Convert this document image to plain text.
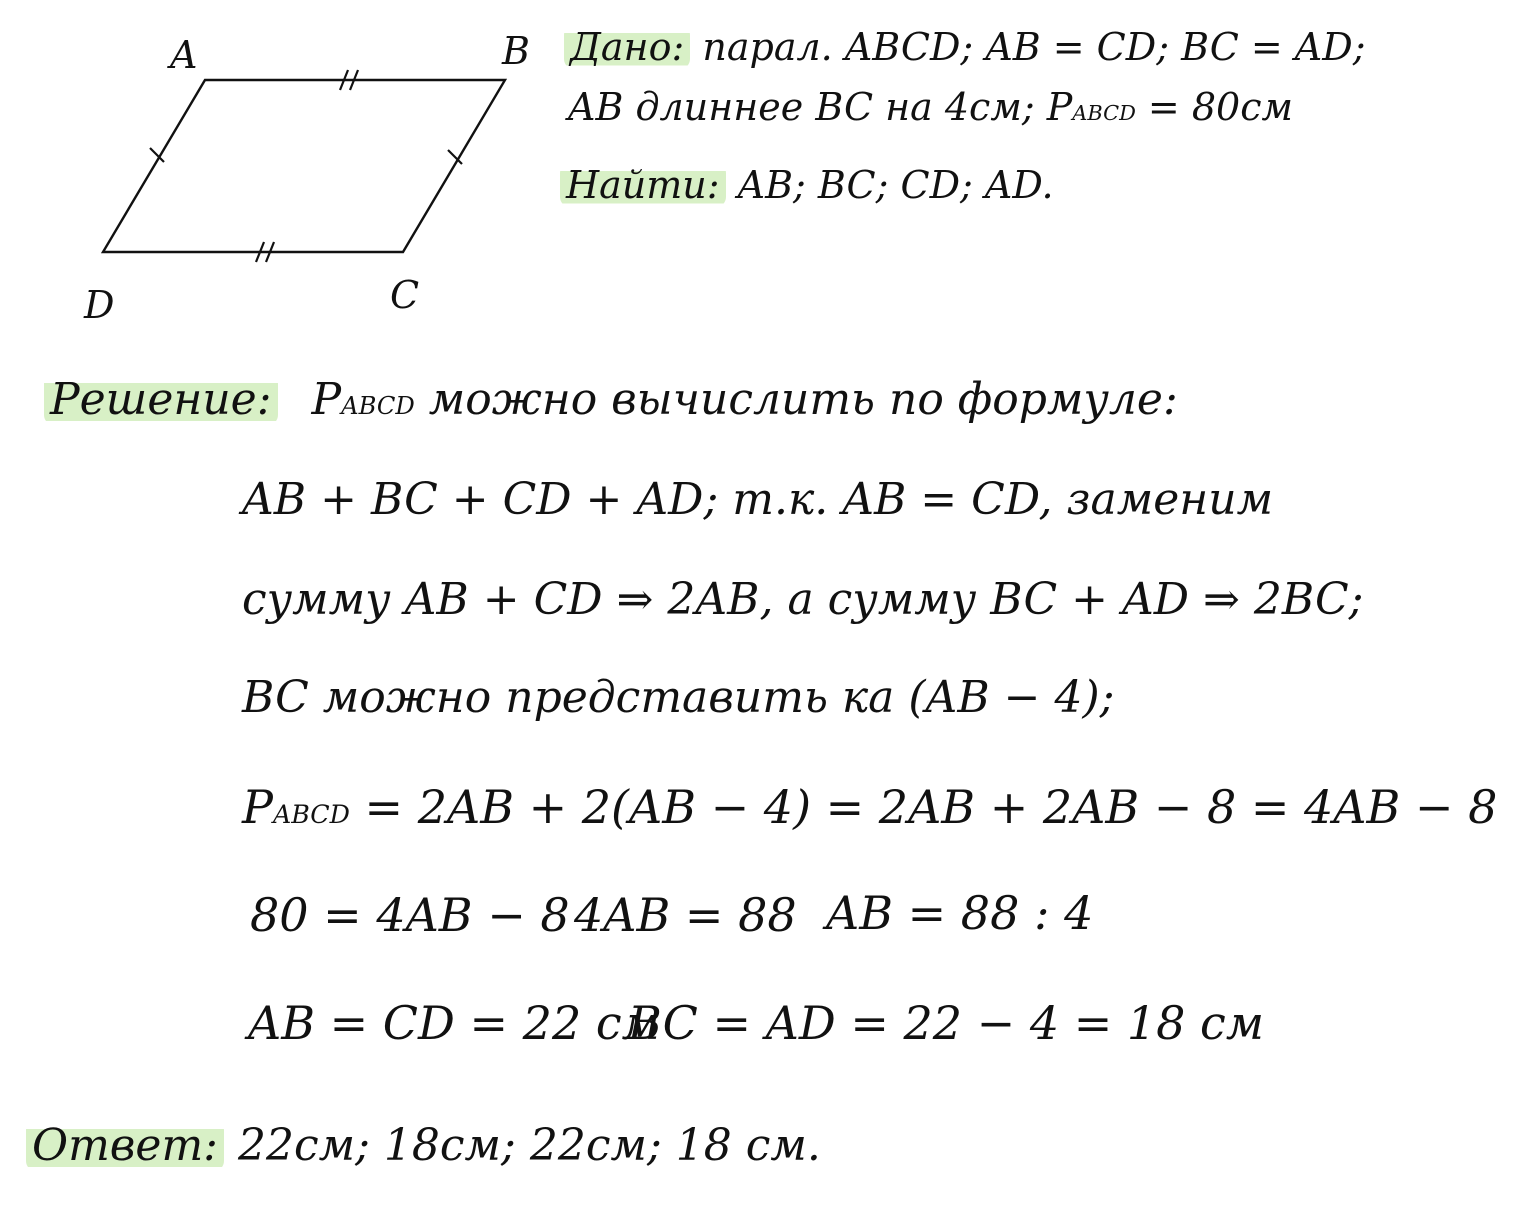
A	B
C
D
Дано: парал. ABCD; AB = CD; BC = AD;
AB длиннее BC на 4см; PABCD = 80см
Найти: AB; BC; CD; AD.
Решение: PABCD можно вычислить по формуле:
AB + BC + CD + AD; т.к. AB = CD, заменим
сумму AB + CD ⇒ 2AB, а сумму BC + AD ⇒ 2BC;
BC можно представить ка (AB − 4);
PABCD = 2AB + 2(AB − 4) = 2AB + 2AB − 8 = 4AB − 8
80 = 4AB − 8 4AB = 88 AB = 88 : 4
AB = CD = 22 см
BC = AD = 22 − 4 = 18 см
Ответ: 22см; 18см; 22см; 18 см.
